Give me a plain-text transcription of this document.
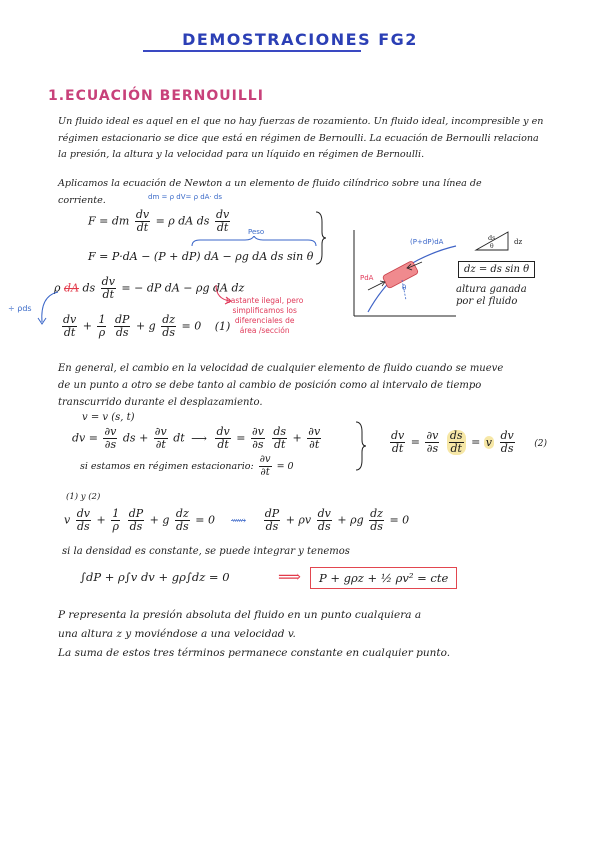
DEMOSTRACIONES FG2
1.ECUACIÓN BERNOUILLI
Un fluido ideal es aquel en el que no hay fuerzas de rozamiento. Un fluido ideal, incompresible y en
régimen estacionario se dice que está en régimen de Bernoulli. La ecuación de Bernoulli relaciona
la presión, la altura y la velocidad para un líquido en régimen de Bernoulli.
Aplicamos la ecuación de Newton a un elemento de fluido cilíndrico sobre una línea de
corriente.	dm = ρ dV= ρ dA· ds
F = dm $\frac{dv}{dt} = \rho$ dA ds $\frac{dv}{dt}$	Peso
F = P·dA − (P + dP) dA − ρg dA ds sin θ
ρ dA ds $\frac{dv}{dt}$ = − dP dA − ρg dA dz
bastante ilegal, pero
simplificamos los
diferenciales de
área /sección
÷ ρds
$\frac{dv}{dt} + \frac{1}{\rho}$
$\frac{dP}{ds} + g \frac{dz}{ds} = 0$ (1)
PdA
(P+dP)dA
θ
ds
θ
dz
dz = ds sin θ
altura ganada
por el fluido
En general, el cambio en la velocidad de cualquier elemento de fluido cuando se mueve
de un punto a otro se debe tanto al cambio de posición como al intervalo de tiempo
transcurrido durante el desplazamiento.
v = v (s, t)
dv = $\frac{\partial v}{\partial s}$ ds + $\frac{\partial v}{\partial t}$ dt ⟶ $\frac{dv}{dt} = \frac{\partial v}{\partial s}$
$\frac{ds}{dt} + \frac{\partial v}{\partial t}$
si estamos en régimen estacionario: $\frac{\partial v}{\partial t} = 0$
$\frac{dv}{dt} = \frac{\partial v}{\partial s}$
$\frac{ds}{dt} = v \frac{dv}{ds} (2)$
(1) y (2)
v $\frac{dv}{ds} + \frac{1}{\rho}$
$\frac{dP}{ds} + g \frac{dz}{ds} = 0$ ⟿ $\frac{dP}{ds} + \rho v \frac{dv}{ds} + \rho g \frac{dz}{ds} = 0$
si la densidad es constante, se puede integrar y tenemos
∫dP + ρ∫v dv + gρ∫dz = 0	⟹	P + gρz + ½ ρv² = cte
P representa la presión absoluta del fluido en un punto cualquiera a
una altura z y moviéndose a una velocidad v.
La suma de estos tres términos permanece constante en cualquier punto.
